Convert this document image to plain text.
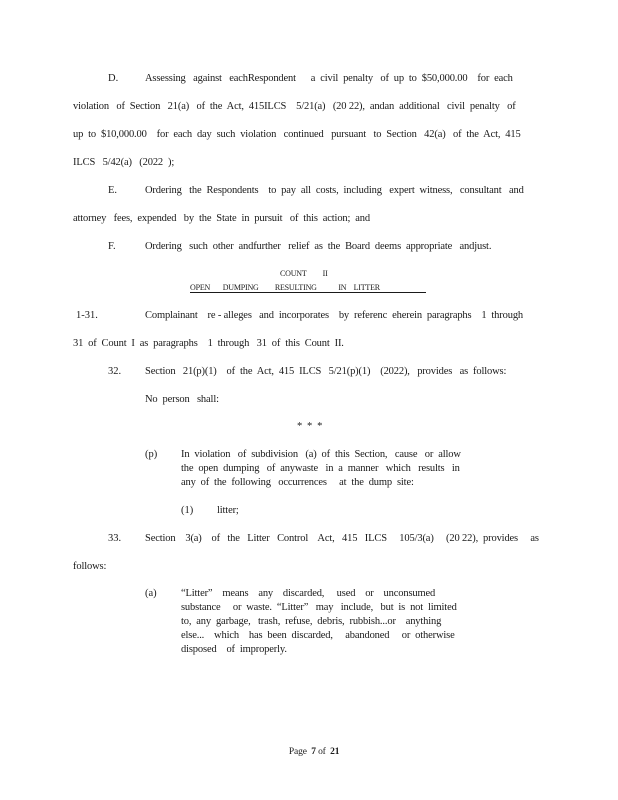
D.	Assessing   against   eachRespondent      a  civil  penalty   of  up  to  $50,000.00    for  each
violation   of  Section   21(a)   of  the  Act,  415ILCS    5/21(a)   (20 22),  andan  additional   civil  penalty   of
up  to  $10,000.00    for  each  day  such  violation   continued   pursuant   to  Section   42(a)   of  the  Act,  415
ILCS   5/42(a)   (2022  );
E.	Ordering   the  Respondents    to  pay  all  costs,  including   expert  witness,   consultant   and
attorney   fees,  expended   by  the  State  in  pursuit   of  this  action;  and
F.	Ordering   such  other  andfurther   relief  as  the  Board  deems  appropriate   andjust.
COUNT         II
OPEN       DUMPING         RESULTING            IN    LITTER
1-31.	Complainant    re - alleges   and  incorporates    by  referenc  eherein  paragraphs    1  through
31  of  Count  I  as  paragraphs    1  through   31  of  this  Count  II.
32. Section   21(p)(1)    of  the  Act,  415  ILCS   5/21(p)(1)    (2022),   provides   as  follows:
No  person   shall:
*  *  *
(p) In  violation   of  subdivision   (a)  of  this  Section,   cause   or  allow
the  open  dumping   of  anywaste   in  a  manner   which   results   in
any  of  the  following   occurrences     at  the  dump  site:
(1) litter;
33. Section    3(a)    of   the   Litter   Control    Act,   415   ILCS     105/3(a)     (20 22),  provides     as
follows:
(a) “Litter”    means    any    discarded,     used    or    unconsumed
substance     or  waste.  “Litter”   may   include,   but  is  not  limited
to,  any  garbage,   trash,  refuse,  debris,  rubbish...or    anything
else...    which    has  been  discarded,     abandoned     or  otherwise
disposed    of  improperly.

Page  7 of  21
